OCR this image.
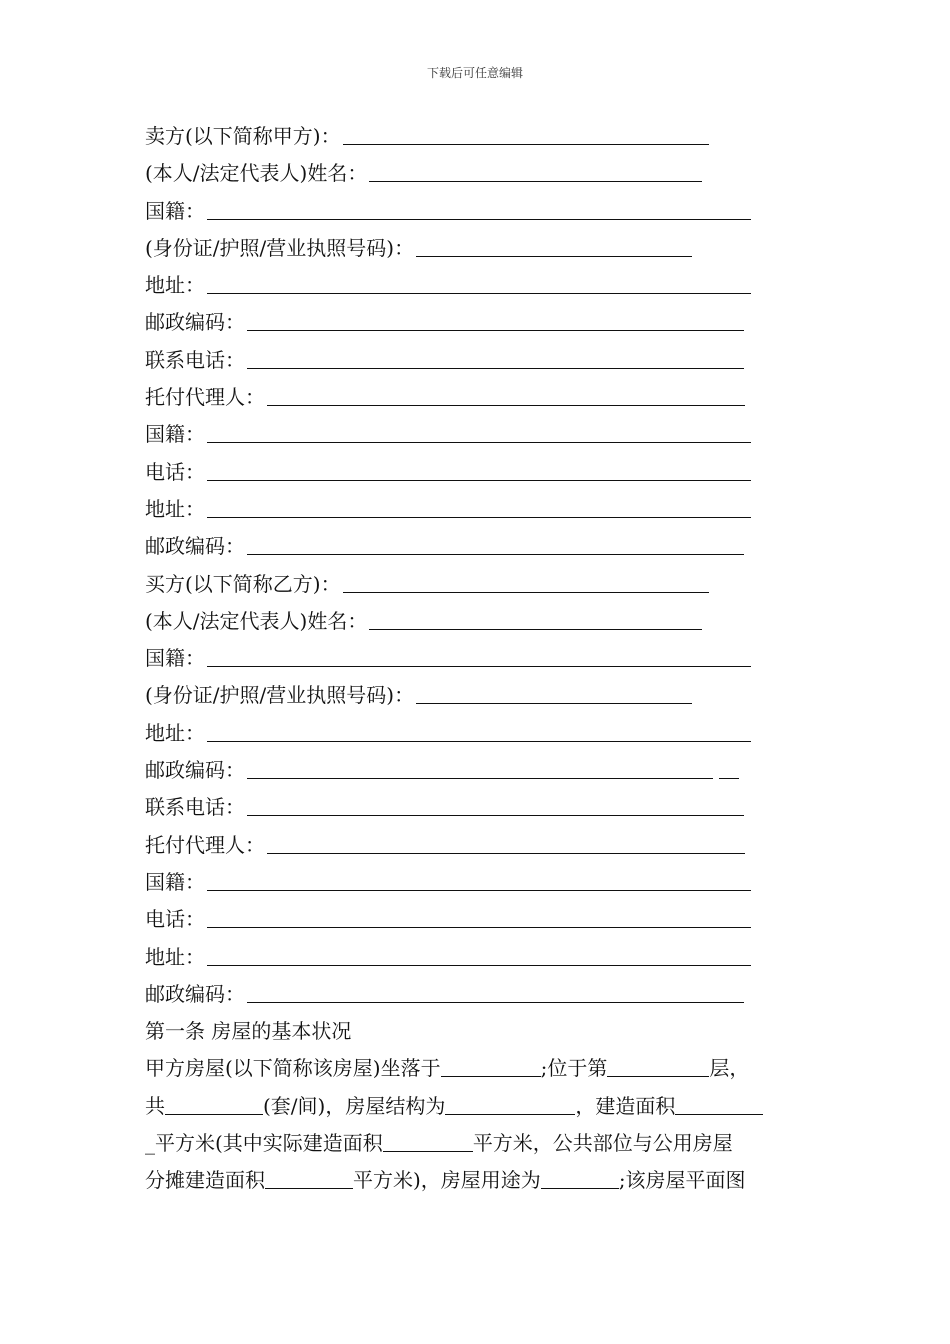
下载后可任意编辑
卖方(以下简称甲方)：
(本人/法定代表人)姓名：
国籍：
(身份证/护照/营业执照号码)：
地址：
邮政编码：
联系电话：
托付代理人：
国籍：
电话：
地址：
邮政编码：
买方(以下简称乙方)：
(本人/法定代表人)姓名：
国籍：
(身份证/护照/营业执照号码)：
地址：
邮政编码：
联系电话：
托付代理人：
国籍：
电话：
地址：
邮政编码：
第一条 房屋的基本状况
甲方房屋(以下简称该房屋)坐落于	;位于第	层，
共	(套/间)，房屋结构为	，建造面积
_平方米(其中实际建造面积	平方米，公共部位与公用房屋
分摊建造面积	平方米)，房屋用途为	;该房屋平面图
